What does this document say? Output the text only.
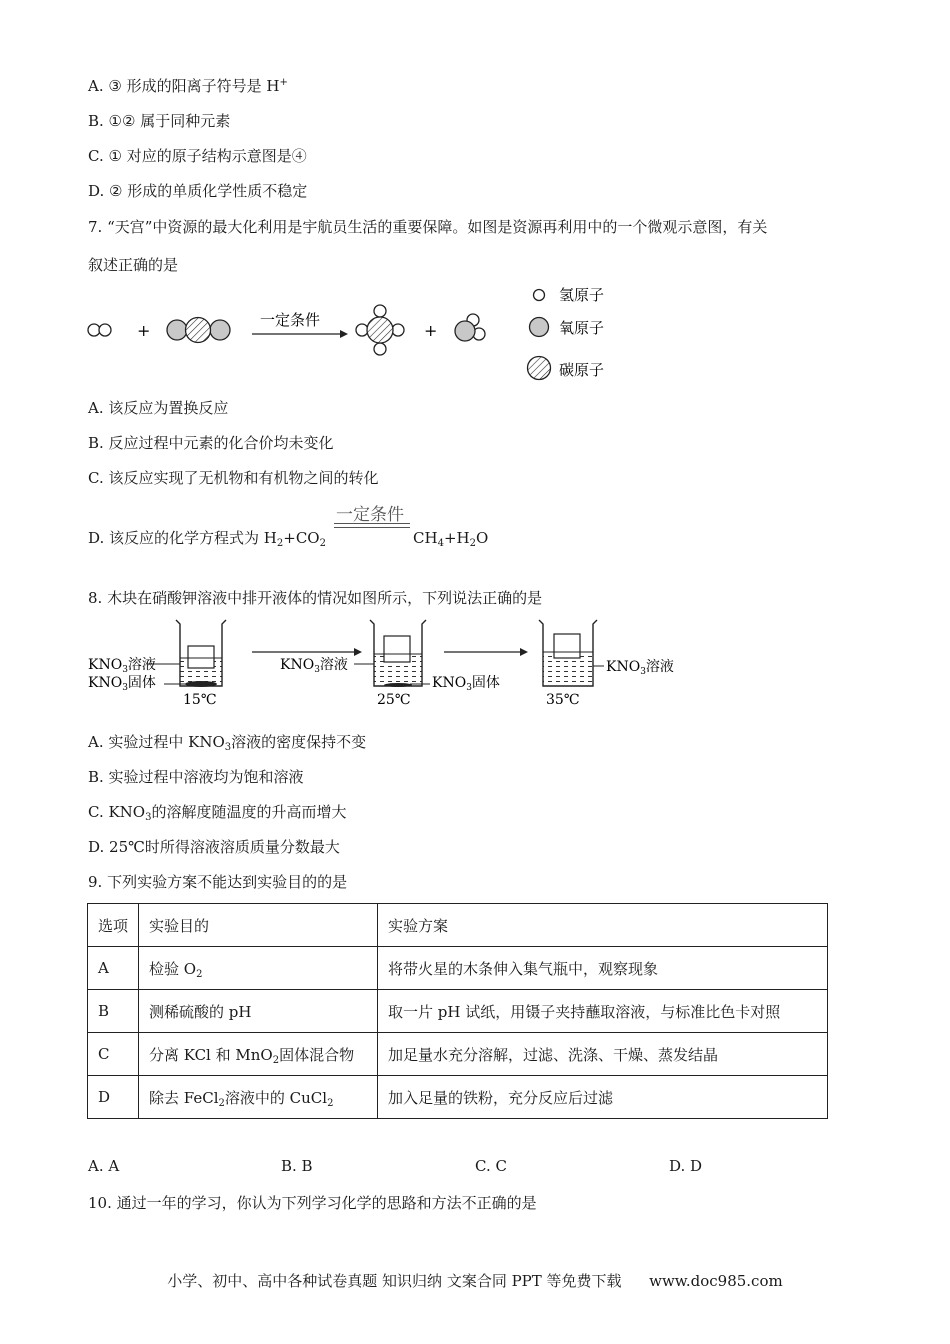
A. ③ 形成的阳离子符号是 H+
B. ①② 属于同种元素
C. ① 对应的原子结构示意图是④
D. ② 形成的单质化学性质不稳定
7. “天宫”中资源的最大化利用是宇航员生活的重要保障。如图是资源再利用中的一个微观示意图，有关
叙述正确的是
+
一定条件
+
氢原子
氧原子
碳原子
A. 该反应为置换反应
B. 反应过程中元素的化合价均未变化
C. 该反应实现了无机物和有机物之间的转化
D. 该反应的化学方程式为 $H_2+CO_2$
一定条件
$CH_4+H_2O$
8. 木块在硝酸钾溶液中排开液体的情况如图所示，下列说法正确的是
$KNO_3$溶液
$KNO_3$固体
15℃
$KNO_3$溶液
$KNO_3$固体
25℃
$KNO_3$溶液
35℃
A. 实验过程中 $KNO_3$溶液的密度保持不变
B. 实验过程中溶液均为饱和溶液
C. $KNO_3$的溶解度随温度的升高而增大
D. 25℃时所得溶液溶质质量分数最大
9. 下列实验方案不能达到实验目的的是
选项	实验目的	实验方案
A	检验 $O_2$	将带火星的木条伸入集气瓶中，观察现象
B	测稀硫酸的 pH	取一片 pH 试纸，用镊子夹持蘸取溶液，与标准比色卡对照
C	分离 KCl 和 MnO$_2$固体混合物	加足量水充分溶解，过滤、洗涤、干燥、蒸发结晶
D	除去 FeCl$_2$溶液中的 CuCl$_2$	加入足量的铁粉，充分反应后过滤
A. A	B. B	C. C	D. D
10. 通过一年的学习，你认为下列学习化学的思路和方法不正确的是
小学、初中、高中各种试卷真题 知识归纳 文案合同 PPT 等免费下载 www.doc985.com
